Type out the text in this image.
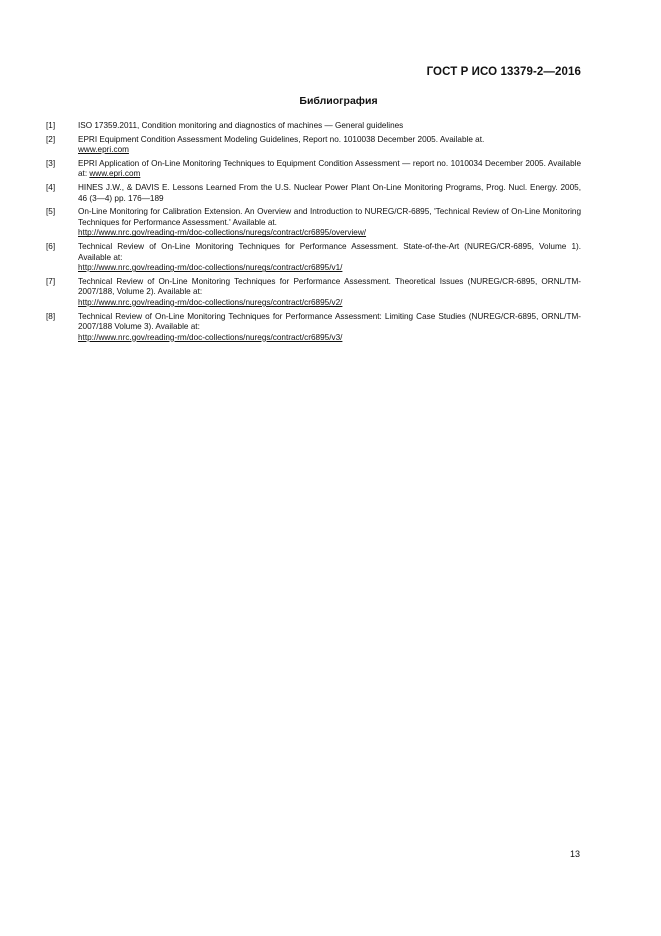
ГОСТ Р ИСО 13379-2—2016
Библиография
[1]	ISO 17359.2011, Condition monitoring and diagnostics of machines — General guidelines
[2]	EPRI Equipment Condition Assessment Modeling Guidelines, Report no. 1010038 December 2005. Available at.
www.epri.com
[3]	EPRI Application of On-Line Monitoring Techniques to Equipment Condition Assessment — report no. 1010034 December 2005. Available at: www.epri.com
[4]	HINES J.W., & DAVIS E. Lessons Learned From the U.S. Nuclear Power Plant On-Line Monitoring Programs, Prog. Nucl. Energy. 2005, 46 (3—4) pp. 176—189
[5]	On-Line Monitoring for Calibration Extension. An Overview and Introduction to NUREG/CR-6895, 'Technical Review of On-Line Monitoring Techniques for Performance Assessment.' Available at.
http://www.nrc.gov/reading-rm/doc-collections/nuregs/contract/cr6895/overview/
[6]	Technical Review of On-Line Monitoring Techniques for Performance Assessment. State-of-the-Art (NUREG/CR-6895, Volume 1). Available at:
http://www.nrc.gov/reading-rm/doc-collections/nuregs/contract/cr6895/v1/
[7]	Technical Review of On-Line Monitoring Techniques for Performance Assessment. Theoretical Issues (NUREG/CR-6895, ORNL/TM-2007/188, Volume 2). Available at:
http://www.nrc.gov/reading-rm/doc-collections/nuregs/contract/cr6895/v2/
[8]	Technical Review of On-Line Monitoring Techniques for Performance Assessment: Limiting Case Studies (NUREG/CR-6895, ORNL/TM-2007/188 Volume 3). Available at:
http://www.nrc.gov/reading-rm/doc-collections/nuregs/contract/cr6895/v3/
13
